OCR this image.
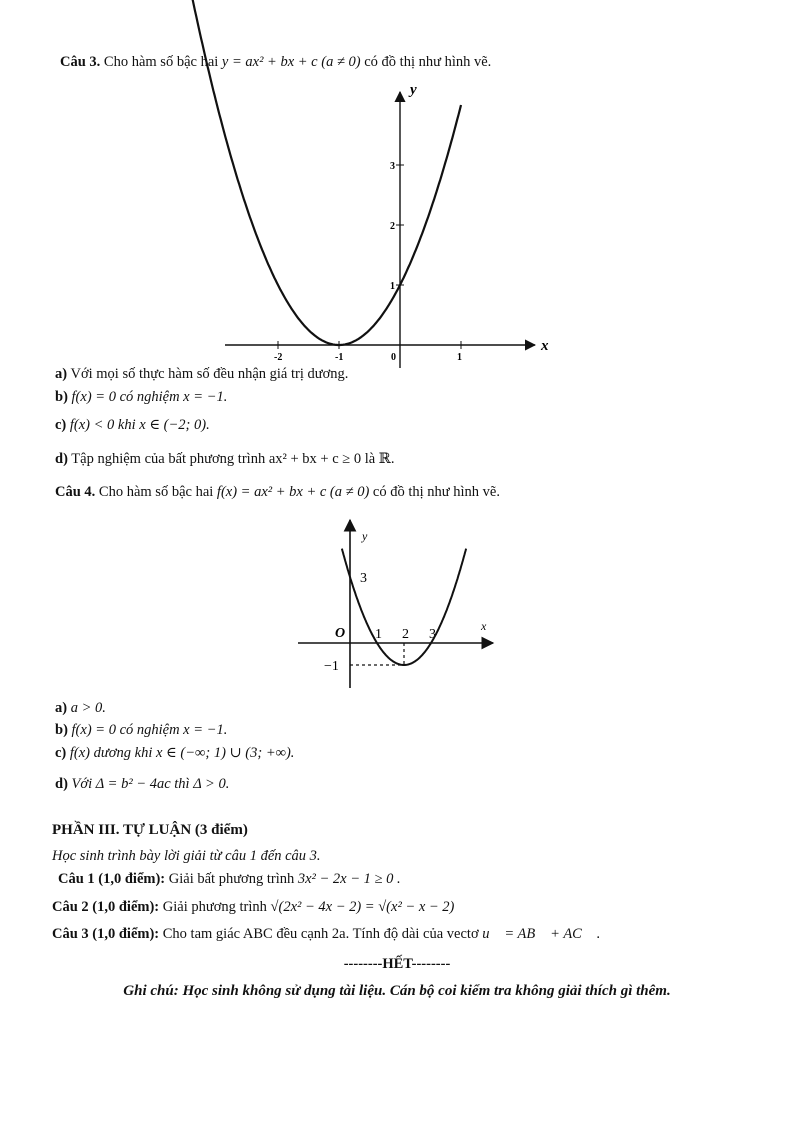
Câu 3. Cho hàm số bậc hai y = ax² + bx + c (a ≠ 0) có đồ thị như hình vẽ.
x
y
-2	-1	0	1
1
2
3
x
y
O 1 2 3
3
−1
a) Với mọi số thực hàm số đều nhận giá trị dương.
b) f(x) = 0 có nghiệm x = −1.
c) f(x) < 0 khi x ∈ (−2; 0).
d) Tập nghiệm của bất phương trình ax² + bx + c ≥ 0 là ℝ.
Câu 4. Cho hàm số bậc hai f(x) = ax² + bx + c (a ≠ 0) có đồ thị như hình vẽ.
a) a > 0.
b) f(x) = 0 có nghiệm x = −1.
c) f(x) dương khi x ∈ (−∞; 1) ∪ (3; +∞).
d) Với Δ = b² − 4ac thì Δ > 0.
PHẦN III. TỰ LUẬN (3 điểm)
Học sinh trình bày lời giải từ câu 1 đến câu 3.
Câu 1 (1,0 điểm): Giải bất phương trình 3x² − 2x − 1 ≥ 0 .
Câu 2 (1,0 điểm): Giải phương trình √(2x² − 4x − 2) = √(x² − x − 2)
Câu 3 (1,0 điểm): Cho tam giác ABC đều cạnh 2a. Tính độ dài của vectơ u⃗ = AB⃗ + AC⃗ .
--------HẾT--------
Ghi chú: Học sinh không sử dụng tài liệu. Cán bộ coi kiểm tra không giải thích gì thêm.
